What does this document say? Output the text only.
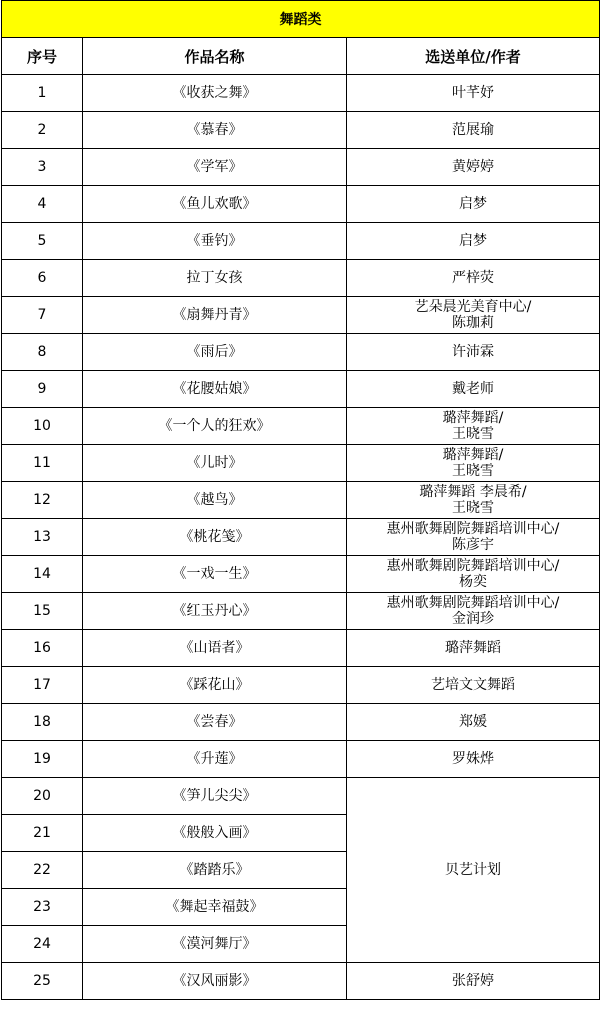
舞蹈类		
序号	作品名称	选送单位/作者
1	《收获之舞》	叶芊妤

2	《慕春》	范展瑜

3	《学军》	黄婷婷

4	《鱼儿欢歌》	启梦

5	《垂钓》	启梦

6	拉丁女孩	严梓荧

7	《扇舞丹青》	艺朵晨光美育中心/
陈珈莉

8	《雨后》	许沛霖

9	《花腰姑娘》	戴老师

10	《一个人的狂欢》	璐萍舞蹈/
王晓雪

11	《儿时》	璐萍舞蹈/
王晓雪

12	《越鸟》	璐萍舞蹈 李晨希/
王晓雪

13	《桃花笺》	惠州歌舞剧院舞蹈培训中心/
陈彦宇

14	《一戏一生》	惠州歌舞剧院舞蹈培训中心/
杨奕

15	《红玉丹心》	惠州歌舞剧院舞蹈培训中心/
金润珍

16	《山语者》	璐萍舞蹈

17	《踩花山》	艺培文文舞蹈

18	《尝春》	郑媛

19	《升莲》	罗姝烨

20	《笋儿尖尖》	贝艺计划

21	《般般入画》	
22	《踏踏乐》	
23	《舞起幸福鼓》	
24	《漠河舞厅》	
25	《汉风丽影》	张舒婷
